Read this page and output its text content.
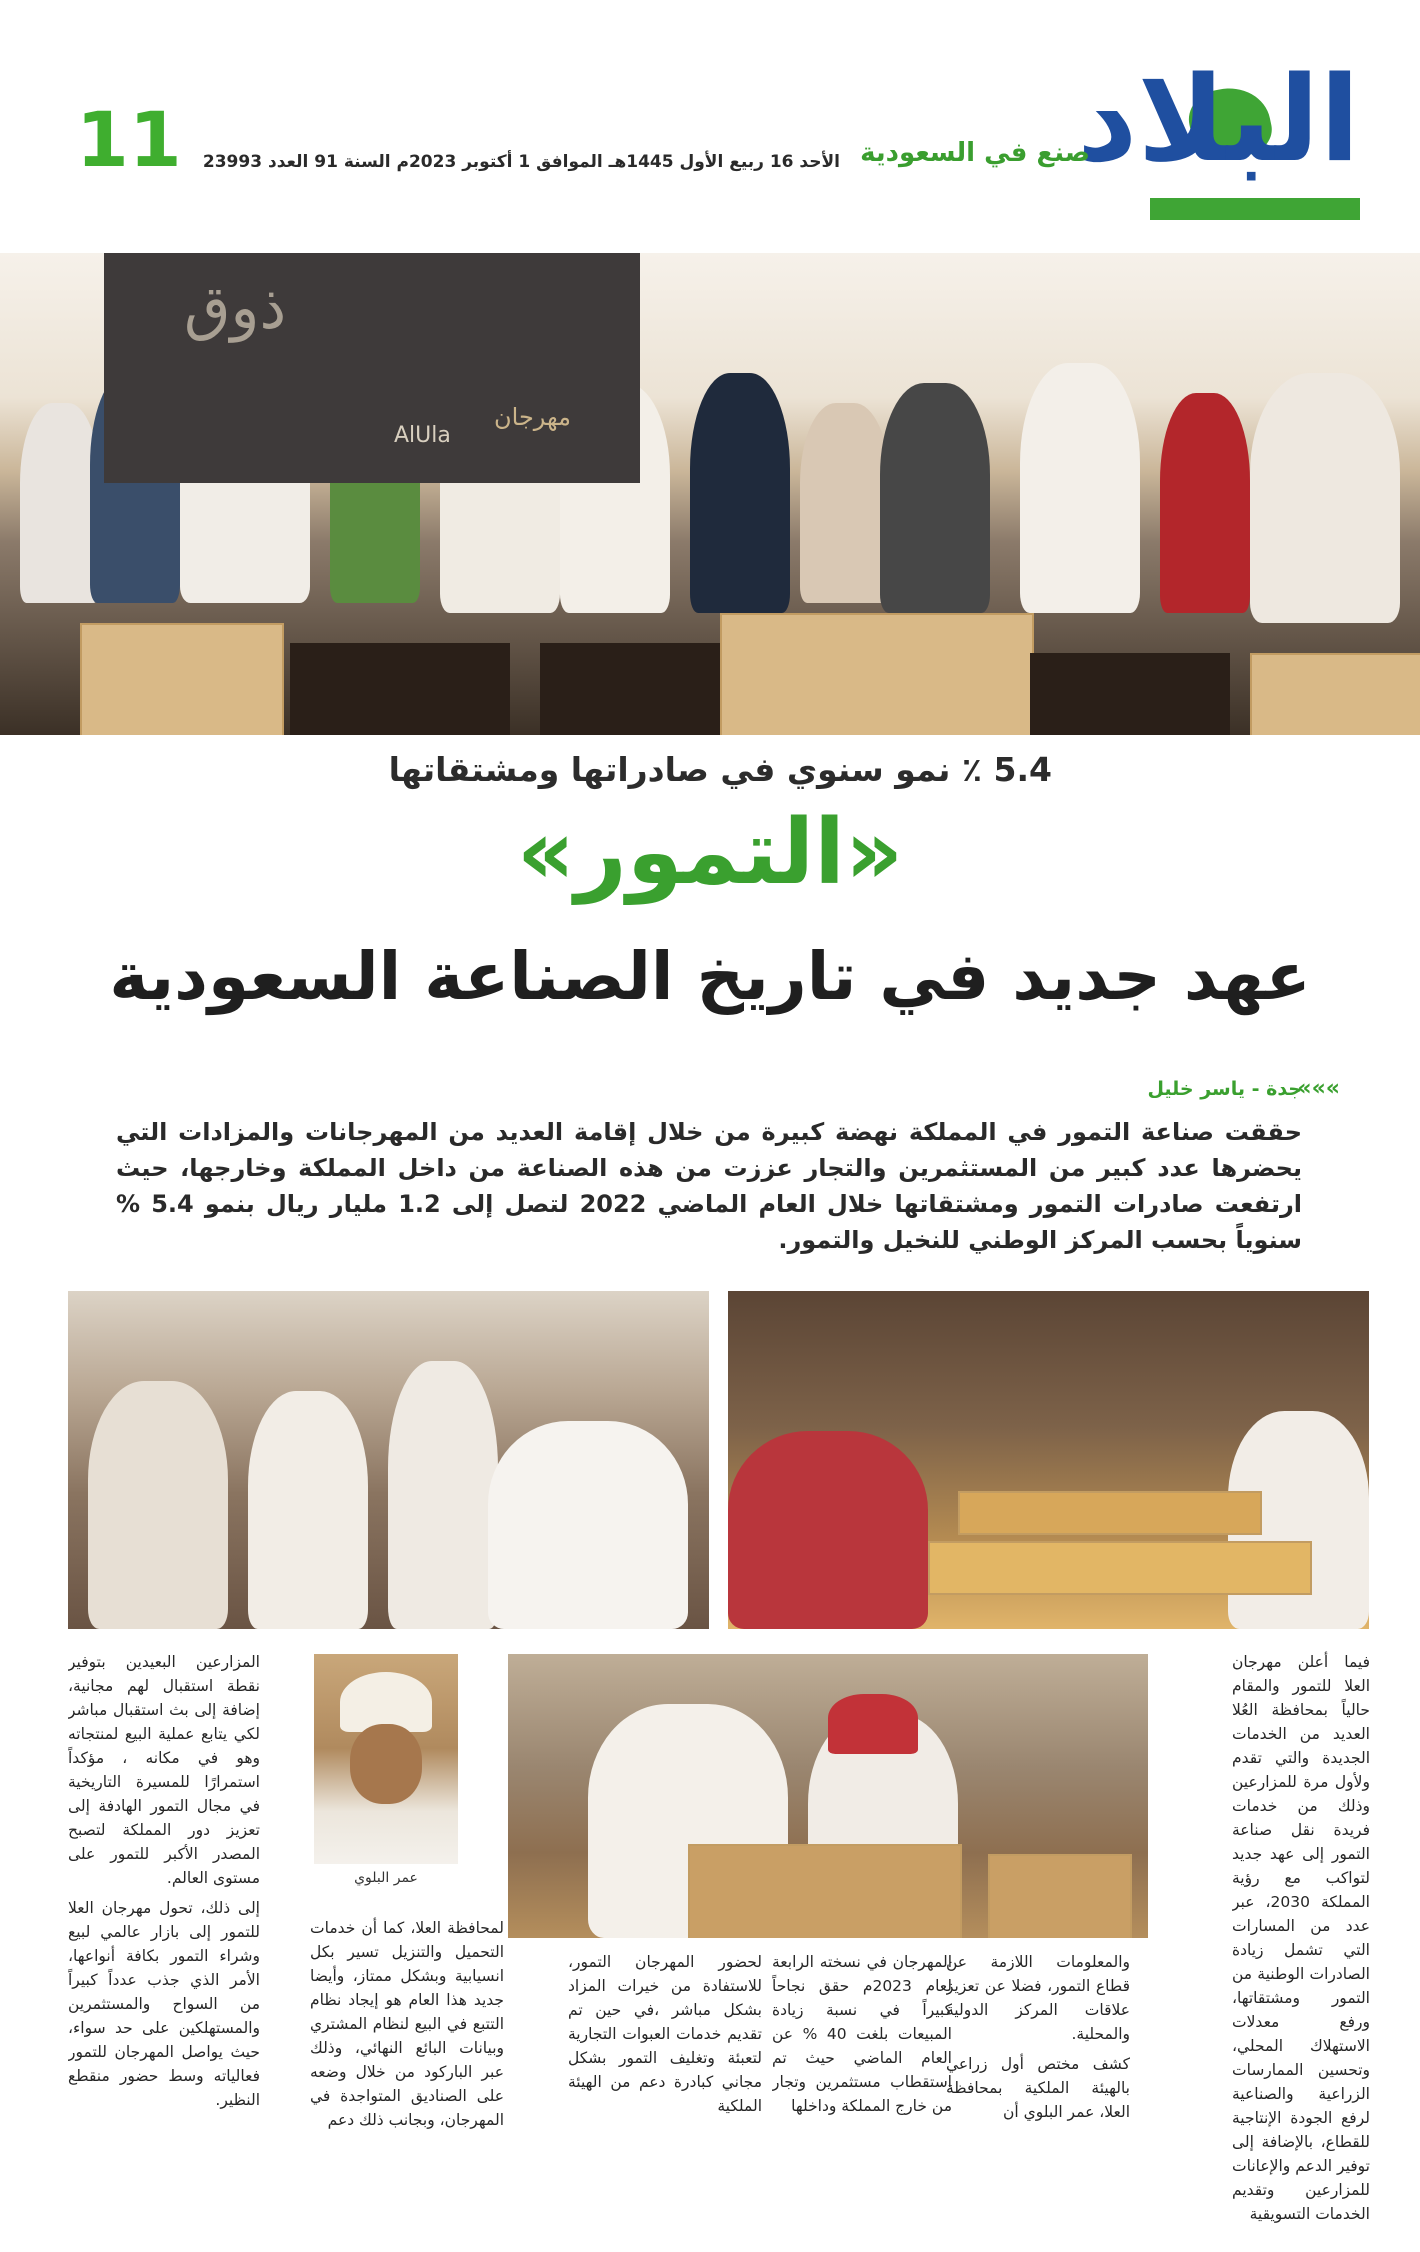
البلاد
صنع في السعودية
الأحد 16 ربيع الأول 1445هـ الموافق 1 أكتوبر 2023م السنة 91 العدد 23993
11
ذوق
AlUla
مهرجان
5.4 ٪ نمو سنوي في صادراتها ومشتقاتها
«التمور»
عهد جديد في تاريخ الصناعة السعودية
»»»
جدة - ياسر خليل
حققت صناعة التمور في المملكة نهضة كبيرة من خلال إقامة العديد من المهرجانات والمزادات التي يحضرها عدد كبير من المستثمرين والتجار عززت من هذه الصناعة من داخل المملكة وخارجها، حيث ارتفعت صادرات التمور ومشتقاتها خلال العام الماضي 2022 لتصل إلى 1.2 مليار ريال بنمو 5.4 % سنوياً بحسب المركز الوطني للنخيل والتمور.
عمر البلوي

فيما أعلن مهرجان العلا للتمور والمقام حالياً بمحافظة العُلا العديد من الخدمات الجديدة والتي تقدم ولأول مرة للمزارعين وذلك من خدمات فريدة نقل صناعة التمور إلى عهد جديد لتواكب مع رؤية المملكة 2030، عبر عدد من المسارات التي تشمل زيادة الصادرات الوطنية من التمور ومشتقاتها، ورفع معدلات الاستهلاك المحلي، وتحسين الممارسات الزراعية والصناعية لرفع الجودة الإنتاجية للقطاع، بالإضافة إلى توفير الدعم والإعانات للمزارعين وتقديم الخدمات التسويقية

والمعلومات اللازمة عن قطاع التمور، فضلا عن تعزيز علاقات المركز الدولية والمحلية.

كشف مختص أول زراعي بالهيئة الملكية بمحافظة العلا، عمر البلوي أن

المهرجان في نسخته الرابعة لعام 2023م حقق نجاحاً كبيراً في نسبة زيادة المبيعات بلغت 40 % عن العام الماضي حيث تم استقطاب مستثمرين وتجار من خارج المملكة وداخلها

لحضور المهرجان التمور، للاستفادة من خيرات المزاد بشكل مباشر ،في حين تم تقديم خدمات العبوات التجارية لتعبئة وتغليف التمور بشكل مجاني كبادرة دعم من الهيئة الملكية

لمحافظة العلا، كما أن خدمات التحميل والتنزيل تسير بكل انسيابية وبشكل ممتاز، وأيضا جديد هذا العام هو إيجاد نظام التتبع في البيع لنظام المشتري وبيانات البائع النهائي، وذلك عبر الباركود من خلال وضعه على الصناديق المتواجدة في المهرجان، وبجانب ذلك دعم

المزارعين البعيدين بتوفير نقطة استقبال لهم مجانية، إضافة إلى بث استقبال مباشر لكي يتابع عملية البيع لمنتجاته وهو في مكانه ، مؤكداً استمرارًا للمسيرة التاريخية في مجال التمور الهادفة إلى تعزيز دور المملكة لتصبح المصدر الأكبر للتمور على مستوى العالم.

إلى ذلك، تحول مهرجان العلا للتمور إلى بازار عالمي لبيع وشراء التمور بكافة أنواعها، الأمر الذي جذب عدداً كبيراً من السواح والمستثمرين والمستهلكين على حد سواء، حيث يواصل المهرجان للتمور فعالياته وسط حضور منقطع النظير.
